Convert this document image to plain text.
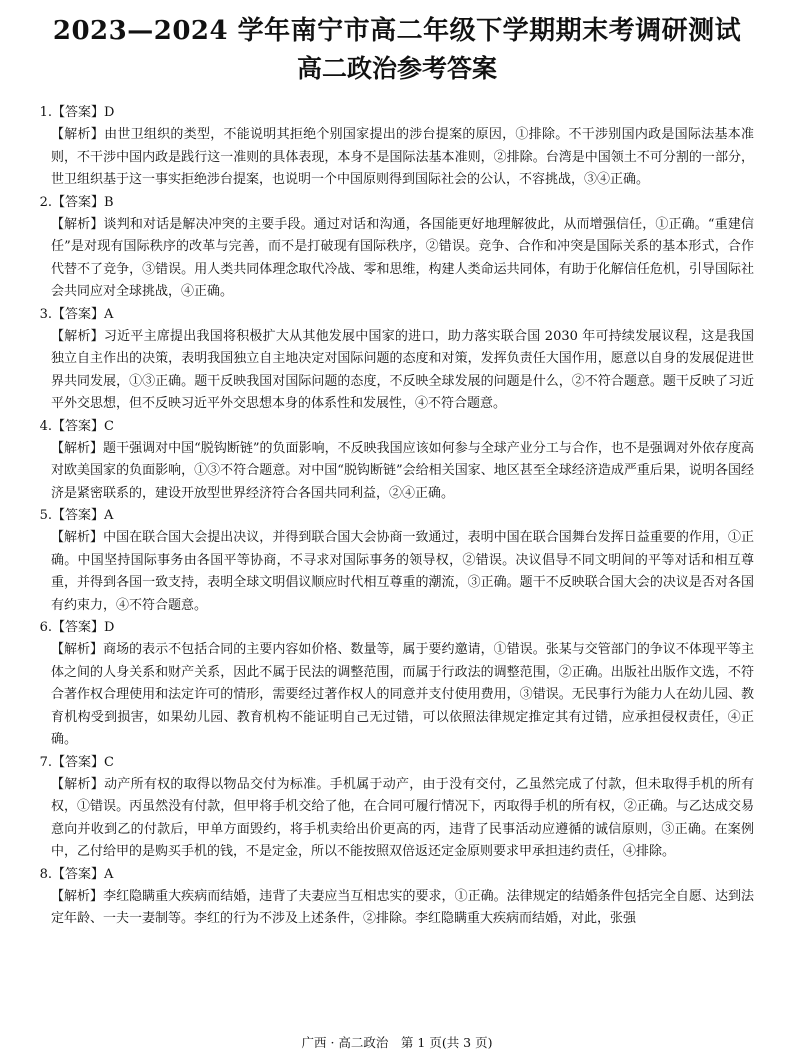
2023—2024 学年南宁市高二年级下学期期末考调研测试
高二政治参考答案

1.【答案】D

【解析】由世卫组织的类型，不能说明其拒绝个别国家提出的涉台提案的原因，①排除。不干涉别国内政是国际法基本准则，不干涉中国内政是践行这一准则的具体表现，本身不是国际法基本准则，②排除。台湾是中国领土不可分割的一部分，世卫组织基于这一事实拒绝涉台提案，也说明一个中国原则得到国际社会的公认，不容挑战，③④正确。

2.【答案】B

【解析】谈判和对话是解决冲突的主要手段。通过对话和沟通，各国能更好地理解彼此，从而增强信任，①正确。“重建信任”是对现有国际秩序的改革与完善，而不是打破现有国际秩序，②错误。竞争、合作和冲突是国际关系的基本形式，合作代替不了竞争，③错误。用人类共同体理念取代冷战、零和思维，构建人类命运共同体，有助于化解信任危机，引导国际社会共同应对全球挑战，④正确。

3.【答案】A

【解析】习近平主席提出我国将积极扩大从其他发展中国家的进口，助力落实联合国 2030 年可持续发展议程，这是我国独立自主作出的决策，表明我国独立自主地决定对国际问题的态度和对策，发挥负责任大国作用，愿意以自身的发展促进世界共同发展，①③正确。题干反映我国对国际问题的态度，不反映全球发展的问题是什么，②不符合题意。题干反映了习近平外交思想，但不反映习近平外交思想本身的体系性和发展性，④不符合题意。

4.【答案】C

【解析】题干强调对中国“脱钩断链”的负面影响，不反映我国应该如何参与全球产业分工与合作，也不是强调对外依存度高对欧美国家的负面影响，①③不符合题意。对中国“脱钩断链”会给相关国家、地区甚至全球经济造成严重后果，说明各国经济是紧密联系的，建设开放型世界经济符合各国共同利益，②④正确。

5.【答案】A

【解析】中国在联合国大会提出决议，并得到联合国大会协商一致通过，表明中国在联合国舞台发挥日益重要的作用，①正确。中国坚持国际事务由各国平等协商，不寻求对国际事务的领导权，②错误。决议倡导不同文明间的平等对话和相互尊重，并得到各国一致支持，表明全球文明倡议顺应时代相互尊重的潮流，③正确。题干不反映联合国大会的决议是否对各国有约束力，④不符合题意。

6.【答案】D

【解析】商场的表示不包括合同的主要内容如价格、数量等，属于要约邀请，①错误。张某与交管部门的争议不体现平等主体之间的人身关系和财产关系，因此不属于民法的调整范围，而属于行政法的调整范围，②正确。出版社出版作文选，不符合著作权合理使用和法定许可的情形，需要经过著作权人的同意并支付使用费用，③错误。无民事行为能力人在幼儿园、教育机构受到损害，如果幼儿园、教育机构不能证明自己无过错，可以依照法律规定推定其有过错，应承担侵权责任，④正确。

7.【答案】C

【解析】动产所有权的取得以物品交付为标准。手机属于动产，由于没有交付，乙虽然完成了付款，但未取得手机的所有权，①错误。丙虽然没有付款，但甲将手机交给了他，在合同可履行情况下，丙取得手机的所有权，②正确。与乙达成交易意向并收到乙的付款后，甲单方面毁约，将手机卖给出价更高的丙，违背了民事活动应遵循的诚信原则，③正确。在案例中，乙付给甲的是购买手机的钱，不是定金，所以不能按照双倍返还定金原则要求甲承担违约责任，④排除。

8.【答案】A

【解析】李红隐瞒重大疾病而结婚，违背了夫妻应当互相忠实的要求，①正确。法律规定的结婚条件包括完全自愿、达到法定年龄、一夫一妻制等。李红的行为不涉及上述条件，②排除。李红隐瞒重大疾病而结婚，对此，张强

广西 · 高二政治　第 1 页(共 3 页)
